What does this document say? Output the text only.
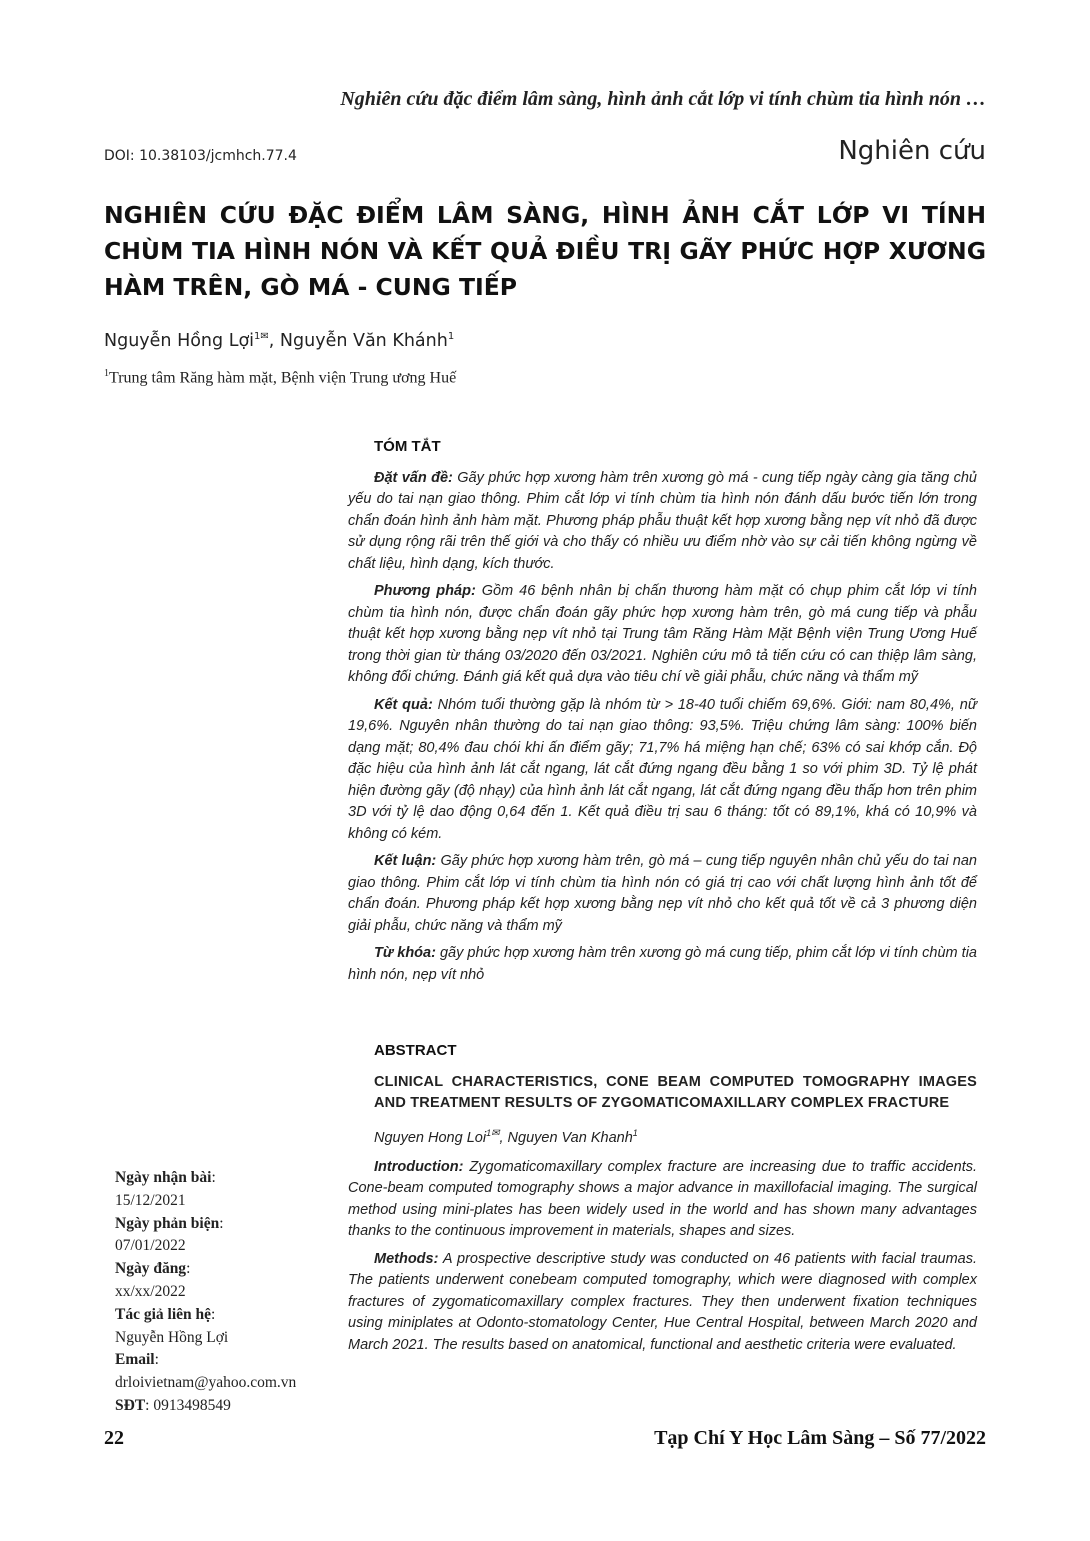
Nghiên cứu đặc điểm lâm sàng, hình ảnh cắt lớp vi tính chùm tia hình nón …
DOI: 10.38103/jcmhch.77.4	Nghiên cứu
NGHIÊN CỨU ĐẶC ĐIỂM LÂM SÀNG, HÌNH ẢNH CẮT LỚP VI TÍNH CHÙM TIA HÌNH NÓN VÀ KẾT QUẢ ĐIỀU TRỊ GÃY PHỨC HỢP XƯƠNG HÀM TRÊN, GÒ MÁ - CUNG TIẾP
Nguyễn Hồng Lợi$^{1✉}$, Nguyễn Văn Khánh$^1$
$^1$Trung tâm Răng hàm mặt, Bệnh viện Trung ương Huế
TÓM TẮT

Đặt vấn đề: Gãy phức hợp xương hàm trên xương gò má - cung tiếp ngày càng gia tăng chủ yếu do tai nạn giao thông. Phim cắt lớp vi tính chùm tia hình nón đánh dấu bước tiến lớn trong chẩn đoán hình ảnh hàm mặt. Phương pháp phẫu thuật kết hợp xương bằng nẹp vít nhỏ đã được sử dụng rộng rãi trên thế giới và cho thấy có nhiều ưu điểm nhờ vào sự cải tiến không ngừng về chất liệu, hình dạng, kích thước.

Phương pháp: Gồm 46 bệnh nhân bị chấn thương hàm mặt có chụp phim cắt lớp vi tính chùm tia hình nón, được chẩn đoán gãy phức hợp xương hàm trên, gò má cung tiếp và phẫu thuật kết hợp xương bằng nẹp vít nhỏ tại Trung tâm Răng Hàm Mặt Bệnh viện Trung Ương Huế trong thời gian từ tháng 03/2020 đến 03/2021. Nghiên cứu mô tả tiến cứu có can thiệp lâm sàng, không đối chứng. Đánh giá kết quả dựa vào tiêu chí về giải phẫu, chức năng và thẩm mỹ

Kết quả: Nhóm tuổi thường gặp là nhóm từ > 18-40 tuổi chiếm 69,6%. Giới: nam 80,4%, nữ 19,6%. Nguyên nhân thường do tai nạn giao thông: 93,5%. Triệu chứng lâm sàng: 100% biến dạng mặt; 80,4% đau chói khi ấn điểm gãy; 71,7% há miệng hạn chế; 63% có sai khớp cắn. Độ đặc hiệu của hình ảnh lát cắt ngang, lát cắt đứng ngang đều bằng 1 so với phim 3D. Tỷ lệ phát hiện đường gãy (độ nhạy) của hình ảnh lát cắt ngang, lát cắt đứng ngang đều thấp hơn trên phim 3D với tỷ lệ dao động 0,64 đến 1. Kết quả điều trị sau 6 tháng: tốt có 89,1%, khá có 10,9% và không có kém.

Kết luận: Gãy phức hợp xương hàm trên, gò má – cung tiếp nguyên nhân chủ yếu do tai nan giao thông. Phim cắt lớp vi tính chùm tia hình nón có giá trị cao với chất lượng hình ảnh tốt để chẩn đoán. Phương pháp kết hợp xương bằng nẹp vít nhỏ cho kết quả tốt về cả 3 phương diện giải phẫu, chức năng và thẩm mỹ

Từ khóa: gãy phức hợp xương hàm trên xương gò má cung tiếp, phim cắt lớp vi tính chùm tia hình nón, nẹp vít nhỏ

ABSTRACT
CLINICAL CHARACTERISTICS, CONE BEAM COMPUTED TOMOGRAPHY IMAGES AND TREATMENT RESULTS OF ZYGOMATICOMAXILLARY COMPLEX FRACTURE
Nguyen Hong Loi$^{1✉}$, Nguyen Van Khanh$^1$

Introduction: Zygomaticomaxillary complex fracture are increasing due to traffic accidents. Cone-beam computed tomography shows a major advance in maxillofacial imaging. The surgical method using mini-plates has been widely used in the world and has shown many advantages thanks to the continuous improvement in materials, shapes and sizes.

Methods: A prospective descriptive study was conducted on 46 patients with facial traumas. The patients underwent conebeam computed tomography, which were diagnosed with complex fractures of zygomaticomaxillary complex fractures. They then underwent fixation techniques using miniplates at Odonto-stomatology Center, Hue Central Hospital, between March 2020 and March 2021. The results based on anatomical, functional and aesthetic criteria were evaluated.

Ngày nhận bài:
15/12/2021
Ngày phản biện:
07/01/2022
Ngày đăng:
xx/xx/2022
Tác giả liên hệ:
Nguyễn Hồng Lợi
Email:
drloivietnam@yahoo.com.vn
SĐT: 0913498549
22	Tạp Chí Y Học Lâm Sàng – Số 77/2022
